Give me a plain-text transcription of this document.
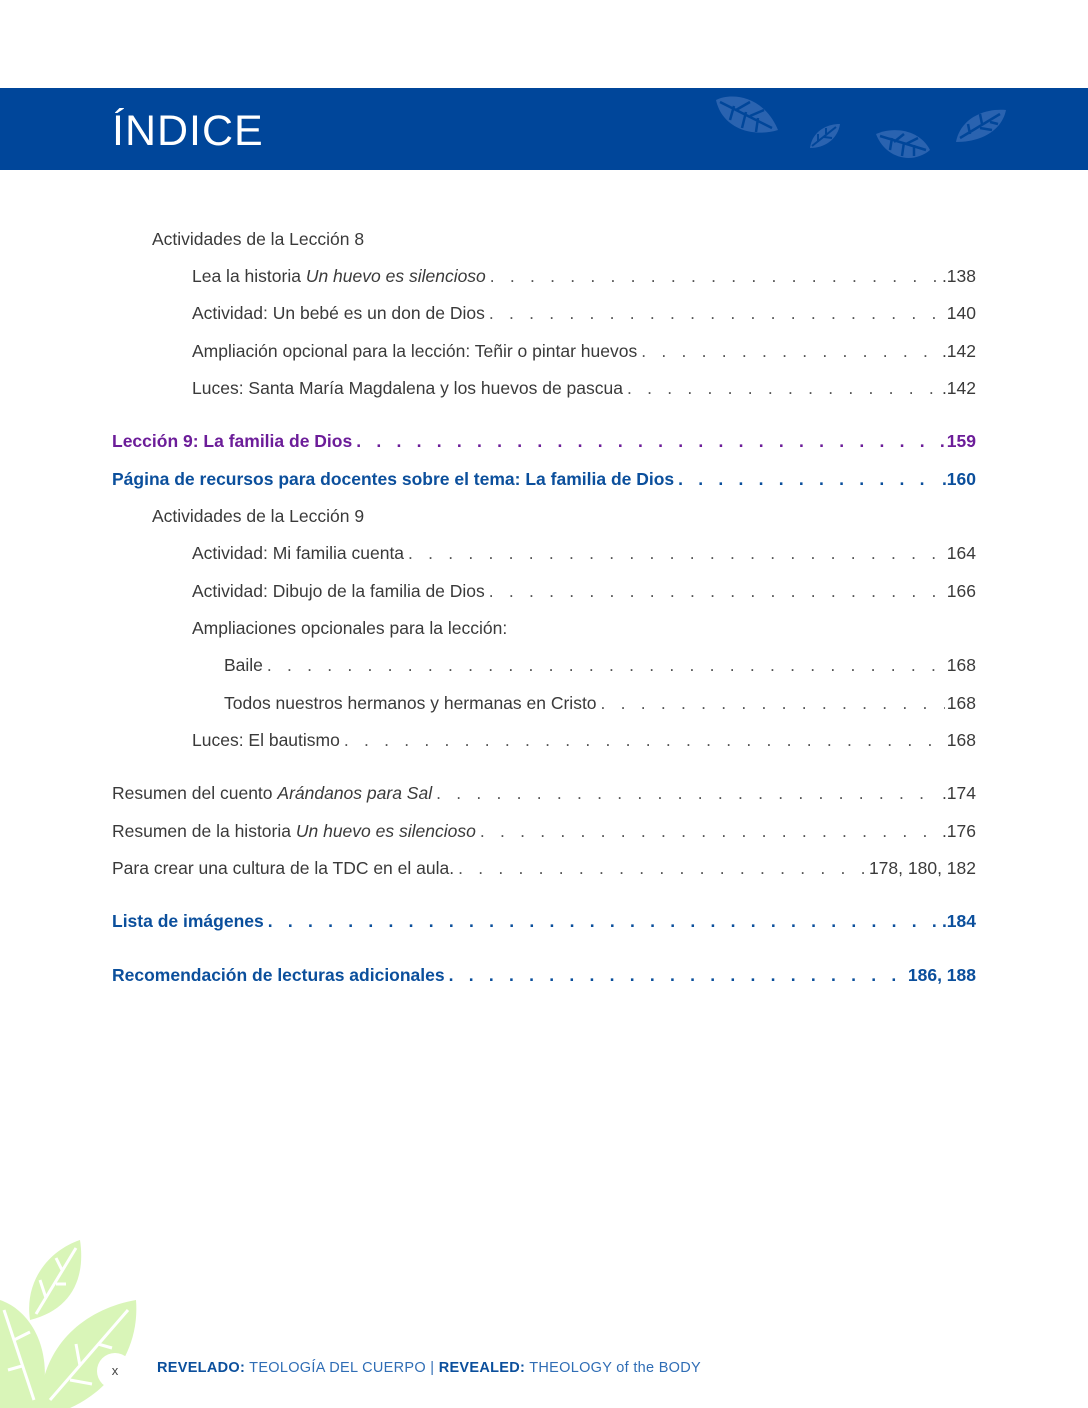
ÍNDICE
Actividades de la Lección 8
Lea la historia Un huevo es silencioso . . .	.138
Actividad: Un bebé es un don de Dios . . .	140
Ampliación opcional para la lección: Teñir o pintar huevos . . .	.142
Luces: Santa María Magdalena y los huevos de pascua . . .	.142
Lección 9: La familia de Dios . . .	159
Página de recursos para docentes sobre el tema: La familia de Dios . . .	.160
Actividades de la Lección 9
Actividad: Mi familia cuenta . . .	164
Actividad: Dibujo de la familia de Dios . . .	166
Ampliaciones opcionales para la lección:
Baile . . .	168
Todos nuestros hermanos y hermanas en Cristo . . .	168
Luces: El bautismo . . .	168
Resumen del cuento Arándanos para Sal . . .	.174
Resumen de la historia Un huevo es silencioso . . .	.176
Para crear una cultura de la TDC en el aula. . . .	178, 180, 182
Lista de imágenes . . .	.184
Recomendación de lecturas adicionales . . .	186, 188
x	REVELADO: TEOLOGÍA DEL CUERPO | REVEALED: THEOLOGY of the BODY
